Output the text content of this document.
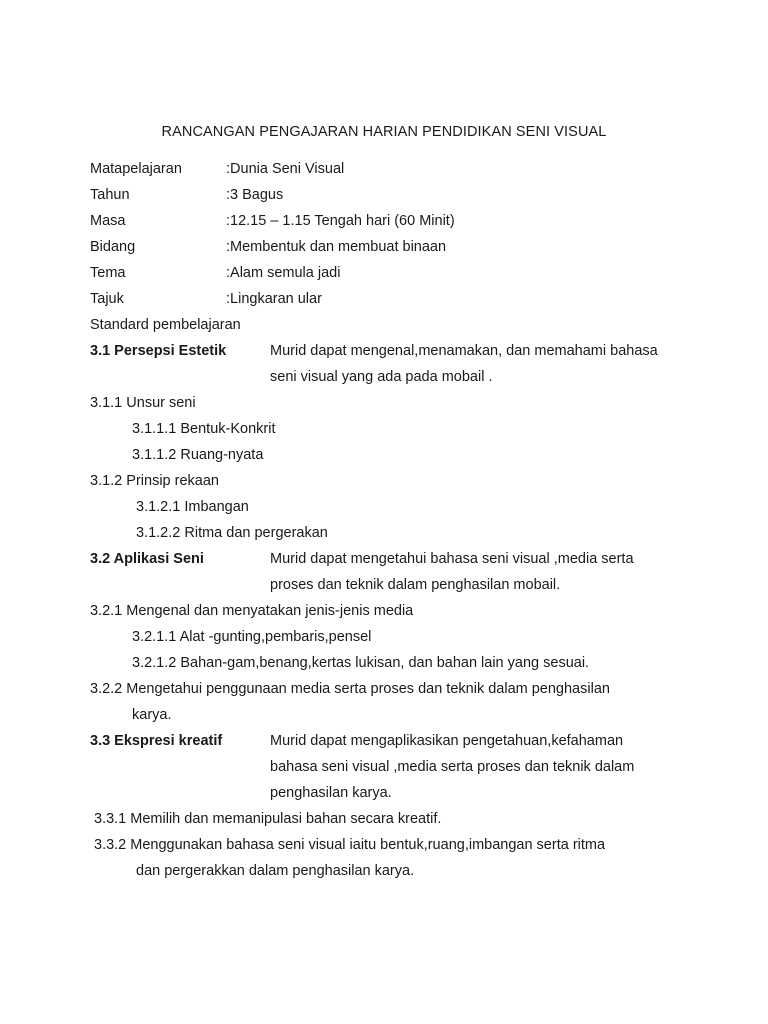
RANCANGAN PENGAJARAN HARIAN PENDIDIKAN SENI VISUAL
Matapelajaran	:Dunia Seni Visual
Tahun	:3 Bagus
Masa	:12.15 – 1.15 Tengah hari (60 Minit)
Bidang	:Membentuk dan membuat binaan
Tema	:Alam semula jadi
Tajuk	:Lingkaran ular
Standard pembelajaran
3.1 Persepsi Estetik	Murid dapat mengenal,menamakan, dan memahami bahasa
seni visual yang ada pada mobail .
3.1.1 Unsur seni
3.1.1.1 Bentuk-Konkrit
3.1.1.2 Ruang-nyata
3.1.2 Prinsip rekaan
3.1.2.1 Imbangan
3.1.2.2 Ritma dan pergerakan
3.2 Aplikasi Seni	Murid dapat mengetahui bahasa seni visual ,media serta
proses dan teknik dalam penghasilan mobail.
3.2.1 Mengenal dan menyatakan jenis-jenis media
3.2.1.1 Alat -gunting,pembaris,pensel
3.2.1.2 Bahan-gam,benang,kertas lukisan, dan bahan lain yang sesuai.
3.2.2 Mengetahui penggunaan media serta proses dan teknik dalam penghasilan
karya.
3.3 Ekspresi kreatif	Murid dapat mengaplikasikan pengetahuan,kefahaman
bahasa seni visual ,media serta proses dan teknik dalam
penghasilan karya.
3.3.1 Memilih dan memanipulasi bahan secara kreatif.
3.3.2 Menggunakan bahasa seni visual iaitu bentuk,ruang,imbangan serta ritma
dan pergerakkan dalam penghasilan karya.
